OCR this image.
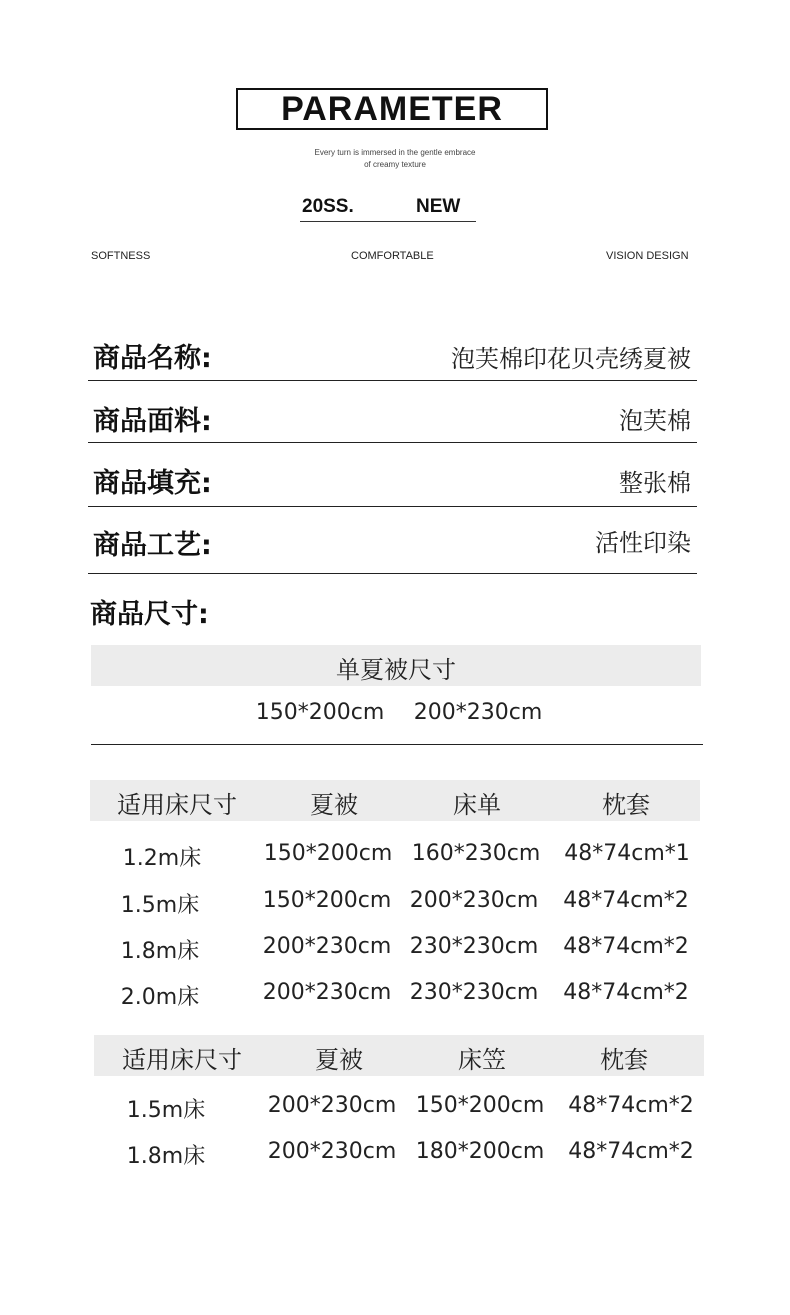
PARAMETER
Every turn is immersed in the gentle embrace
of creamy texture
20SS.	NEW
SOFTNESS	COMFORTABLE	VISION DESIGN
商品名称:	泡芙棉印花贝壳绣夏被
商品面料:	泡芙棉
商品填充:	整张棉
商品工艺:	活性印染
商品尺寸:
单夏被尺寸
150*200cm 200*230cm
适用床尺寸	夏被	床单	枕套
1.2m床	150*200cm 160*230cm 48*74cm*1
1.5m床	150*200cm 200*230cm 48*74cm*2
1.8m床	200*230cm 230*230cm 48*74cm*2
2.0m床	200*230cm 230*230cm 48*74cm*2
适用床尺寸	夏被	床笠	枕套
1.5m床	200*230cm 150*200cm 48*74cm*2
1.8m床	200*230cm 180*200cm 48*74cm*2
